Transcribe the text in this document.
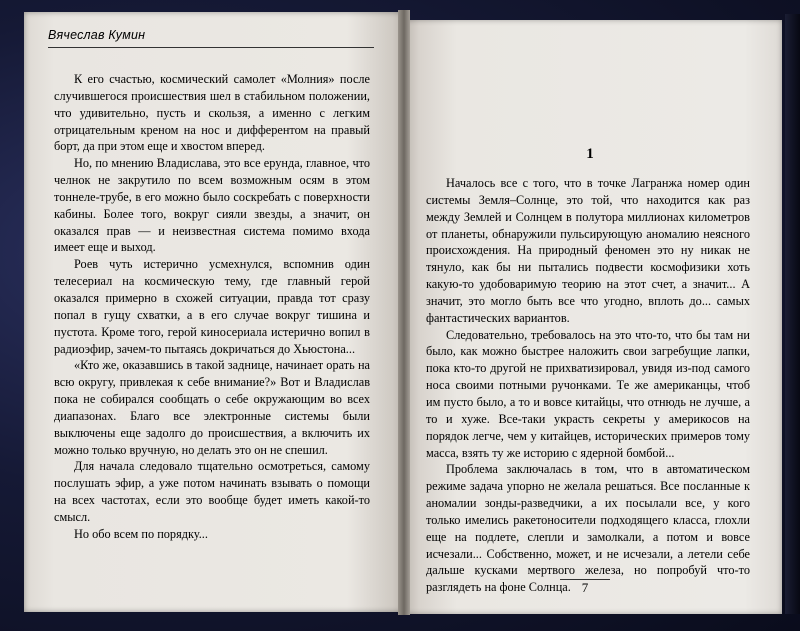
Вячеслав Кумин

К его счастью, космический самолет «Молния» после случившегося происшествия шел в стабильном положении, что удивительно, пусть и скользя, а именно с легким отрицательным креном на нос и дифферентом на правый борт, да при этом еще и хвостом вперед.

Но, по мнению Владислава, это все ерунда, главное, что челнок не закрутило по всем возможным осям в этом тоннеле-трубе, в его можно было соскребать с поверхности кабины. Более того, вокруг сияли звезды, а значит, он оказался прав — и неизвестная система помимо входа имеет еще и выход.

Роев чуть истерично усмехнулся, вспомнив один телесериал на космическую тему, где главный герой оказался примерно в схожей ситуации, правда тот сразу попал в гущу схватки, а в его случае вокруг тишина и пустота. Кроме того, герой киносериала истерично вопил в радиоэфир, зачем-то пытаясь докричаться до Хьюстона...

«Кто же, оказавшись в такой заднице, начинает орать на всю округу, привлекая к себе внимание?» Вот и Владислав пока не собирался сообщать о себе окружающим во всех диапазонах. Благо все электронные системы были выключены еще задолго до происшествия, а включить их можно только вручную, но делать это он не спешил.

Для начала следовало тщательно осмотреться, самому послушать эфир, а уже потом начинать взывать о помощи на всех частотах, если это вообще будет иметь какой-то смысл.

Но обо всем по порядку...

1

Началось все с того, что в точке Лагранжа номер один системы Земля–Солнце, это той, что находится как раз между Землей и Солнцем в полутора миллионах километров от планеты, обнаружили пульсирующую аномалию неясного происхождения. На природный феномен это ну никак не тянуло, как бы ни пытались подвести космофизики хоть какую-то удобоваримую теорию на этот счет, а значит... А значит, это могло быть все что угодно, вплоть до... самых фантастических вариантов.

Следовательно, требовалось на это что-то, что бы там ни было, как можно быстрее наложить свои загребущие лапки, пока кто-то другой не прихватизировал, увидя из-под самого носа своими потными ручонками. Те же американцы, чтоб им пусто было, а то и вовсе китайцы, что отнюдь не лучше, а то и хуже. Все-таки украсть секреты у америкосов на порядок легче, чем у китайцев, исторических примеров тому масса, взять ту же историю с ядерной бомбой...

Проблема заключалась в том, что в автоматическом режиме задача упорно не желала решаться. Все посланные к аномалии зонды-разведчики, а их посылали все, у кого только имелись ракетоносители подходящего класса, глохли еще на подлете, слепли и замолкали, а потом и вовсе исчезали... Собственно, может, и не исчезали, а летели себе дальше кусками мертвого железа, но попробуй что-то разглядеть на фоне Солнца. 7
